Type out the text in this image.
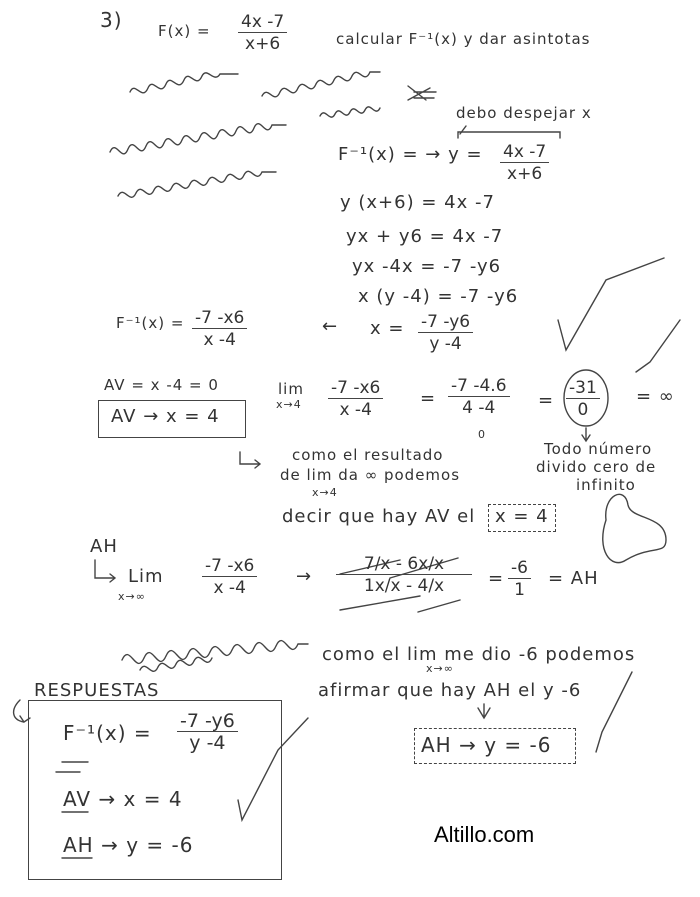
3) $F(x) = \frac{4x -7}{x+6}$	calcular F⁻¹(x) y dar asintotas
debo despejar x
F⁻¹(x) = → $y = \frac{4x -7}{x+6}$
y (x+6) = 4x -7
yx + y6 = 4x -7
yx -4x = -7 -y6
x (y -4) = -7 -y6
← $x = \frac{-7 -y6}{y -4}$
$F^{-1}(x) = \frac{-7 -x6}{x -4}$
AV = x -4 = 0
AV → x = 4
lim
$x\to 4 \frac{-7 -x6}{x -4} = \frac{-7 -4.6}{4 -4}$
0
= $\frac{-31}{0}$ = ∞
Todo número
divido cero de
infinito
como el resultado
de lim da ∞ podemos
x→4
decir que hay AV el x = 4
AH
Lim
x→∞	$\frac{-7 -x6}{x -4} \to \frac{7/x - 6x/x}{1x/x - 4/x} = \frac{-6}{1}$ = AH
como el lim me dio -6 podemos
x→∞
afirmar que hay AH el y -6
AH → y = -6
RESPUESTAS
$F^{-1}(x) = \frac{-7 -y6}{y -4}$
AV → x = 4
AH → y = -6	Altillo.com
